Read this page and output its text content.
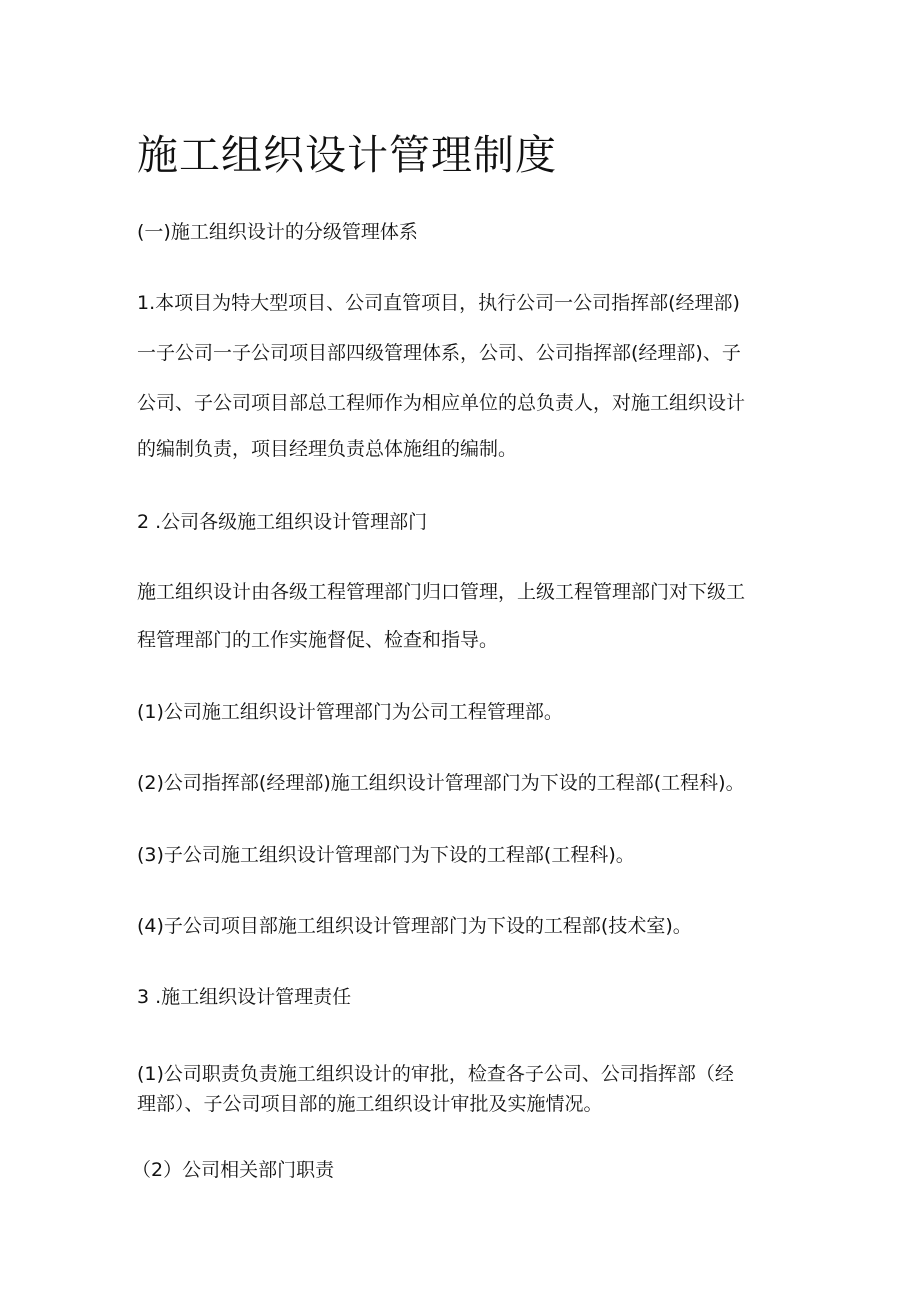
施工组织设计管理制度

(一)施工组织设计的分级管理体系

1.本项目为特大型项目、公司直管项目，执行公司一公司指挥部(经理部)

一子公司一子公司项目部四级管理体系，公司、公司指挥部(经理部)、子

公司、子公司项目部总工程师作为相应单位的总负责人，对施工组织设计

的编制负责，项目经理负责总体施组的编制。

2 .公司各级施工组织设计管理部门

施工组织设计由各级工程管理部门归口管理，上级工程管理部门对下级工

程管理部门的工作实施督促、检查和指导。

(1)公司施工组织设计管理部门为公司工程管理部。

(2)公司指挥部(经理部)施工组织设计管理部门为下设的工程部(工程科)。

(3)子公司施工组织设计管理部门为下设的工程部(工程科)。

(4)子公司项目部施工组织设计管理部门为下设的工程部(技术室)。

3 .施工组织设计管理责任

(1)公司职责负责施工组织设计的审批，检查各子公司、公司指挥部（经

理部）、子公司项目部的施工组织设计审批及实施情况。

（2）公司相关部门职责
